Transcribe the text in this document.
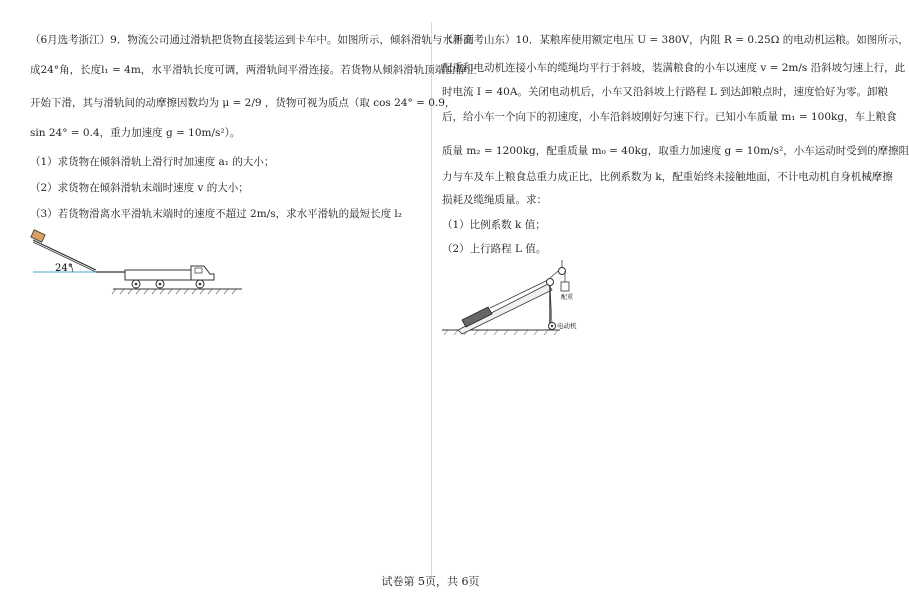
（6月选考浙江）9．物流公司通过滑轨把货物直接装运到卡车中。如图所示，倾斜滑轨与水平面
成24°角，长度l₁ = 4m，水平滑轨长度可调，两滑轨间平滑连接。若货物从倾斜滑轨顶端由静止
开始下滑，其与滑轨间的动摩擦因数均为 μ = 2/9 ，货物可视为质点（取 cos 24° = 0.9，
sin 24° = 0.4，重力加速度 g = 10m/s²）。
（1）求货物在倾斜滑轨上滑行时加速度 a₁ 的大小；
（2）求货物在倾斜滑轨末端时速度 v 的大小；
（3）若货物滑离水平滑轨末端时的速度不超过 2m/s，求水平滑轨的最短长度 l₂
24°
（新高考山东）10．某粮库使用额定电压 U = 380V，内阻 R = 0.25Ω 的电动机运粮。如图所示，
配重和电动机连接小车的缆绳均平行于斜坡，装满粮食的小车以速度 v = 2m/s 沿斜坡匀速上行，此
时电流 I = 40A。关闭电动机后，小车又沿斜坡上行路程 L 到达卸粮点时，速度恰好为零。卸粮
后，给小车一个向下的初速度，小车沿斜坡刚好匀速下行。已知小车质量 m₁ = 100kg，车上粮食
质量 m₂ = 1200kg，配重质量 m₀ = 40kg，取重力加速度 g = 10m/s²，小车运动时受到的摩擦阻
力与车及车上粮食总重力成正比，比例系数为 k，配重始终未接触地面，不计电动机自身机械摩擦
损耗及缆绳质量。求：
（1）比例系数 k 值；
（2）上行路程 L 值。
配重
电动机
试卷第 5页，共 6页
